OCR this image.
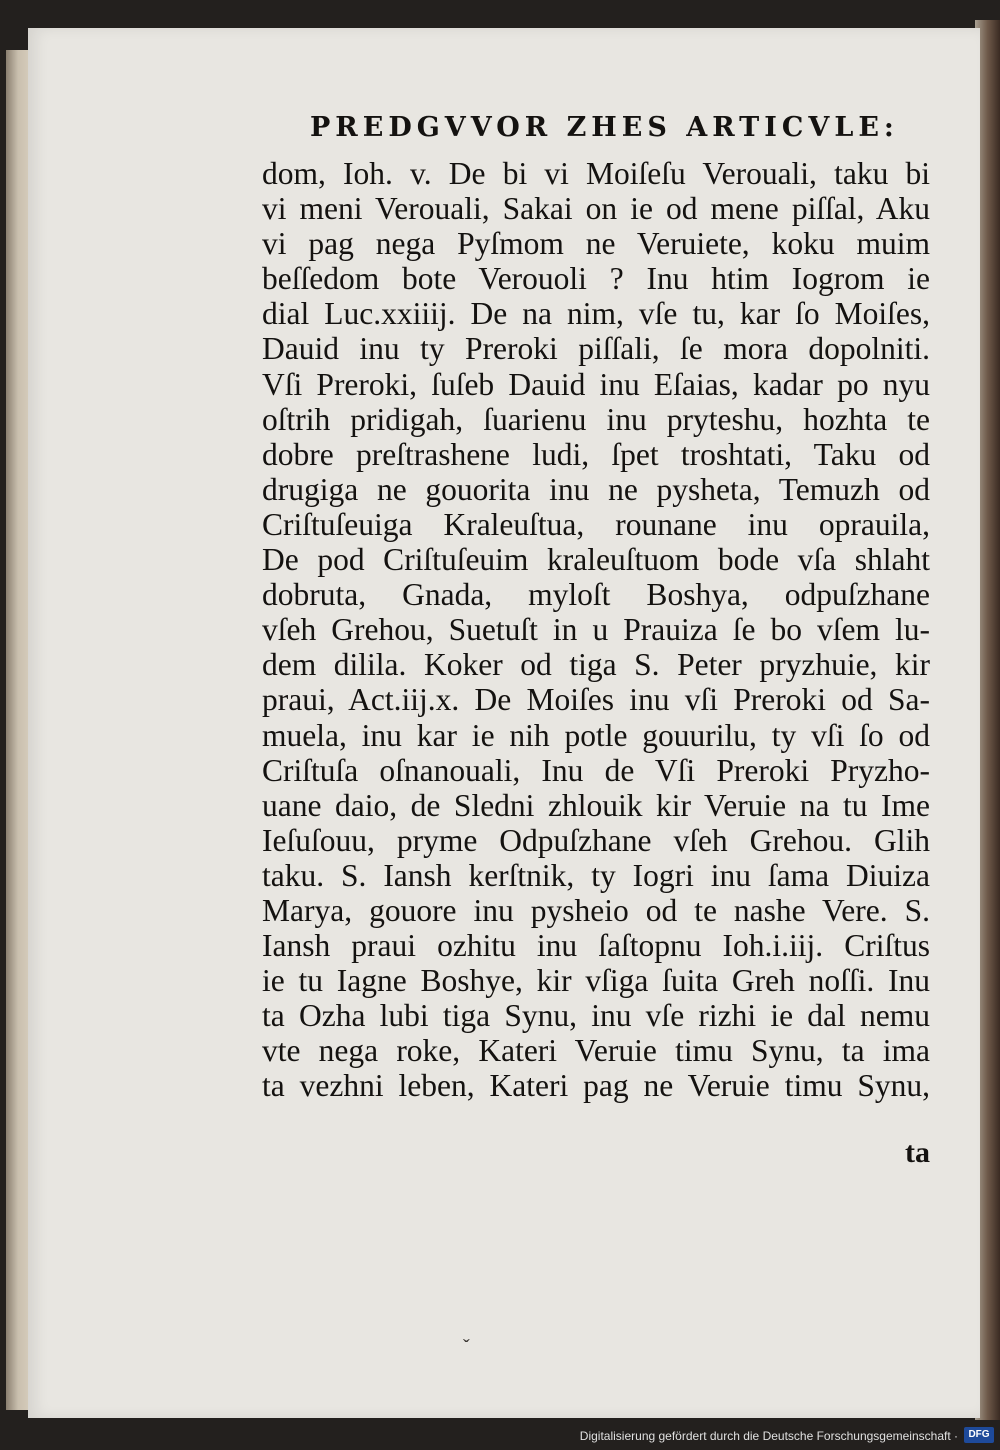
PREDGVVOR ZHES ARTICVLE:
dom, Ioh. v. De bi vi Moiſeſu Verouali, taku bi
vi meni Verouali, Sakai on ie od mene piſſal, Aku
vi pag nega Pyſmom ne Veruiete, koku muim
beſſedom bote Verouoli ? Inu htim Iogrom ie
dial Luc.xxiiij. De na nim, vſe tu, kar ſo Moiſes,
Dauid inu ty Preroki piſſali, ſe mora dopolniti.
Vſi Preroki, ſuſeb Dauid inu Eſaias, kadar po nyu
oſtrih pridigah, ſuarienu inu pryteshu, hozhta te
dobre preſtrashene ludi, ſpet troshtati, Taku od
drugiga ne gouorita inu ne pysheta, Temuzh od
Criſtuſeuiga Kraleuſtua, rounane inu oprauila,
De pod Criſtuſeuim kraleuſtuom bode vſa shlaht
dobruta, Gnada, myloſt Boshya, odpuſzhane
vſeh Grehou, Suetuſt in u Prauiza ſe bo vſem lu-
dem dilila. Koker od tiga S. Peter pryzhuie, kir
praui, Act.iij.x. De Moiſes inu vſi Preroki od Sa-
muela, inu kar ie nih potle gouurilu, ty vſi ſo od
Criſtuſa oſnanouali, Inu de Vſi Preroki Pryzho-
uane daio, de Sledni zhlouik kir Veruie na tu Ime
Ieſuſouu, pryme Odpuſzhane vſeh Grehou. Glih
taku. S. Iansh kerſtnik, ty Iogri inu ſama Diuiza
Marya, gouore inu pysheio od te nashe Vere. S.
Iansh praui ozhitu inu ſaſtopnu Ioh.i.iij. Criſtus
ie tu Iagne Boshye, kir vſiga ſuita Greh noſſi. Inu
ta Ozha lubi tiga Synu, inu vſe rizhi ie dal nemu
vte nega roke, Kateri Veruie timu Synu, ta ima
ta vezhni leben, Kateri pag ne Veruie timu Synu,
ta
ˇ
Digitalisierung gefördert durch die Deutsche Forschungsgemeinschaft ·	DFG
